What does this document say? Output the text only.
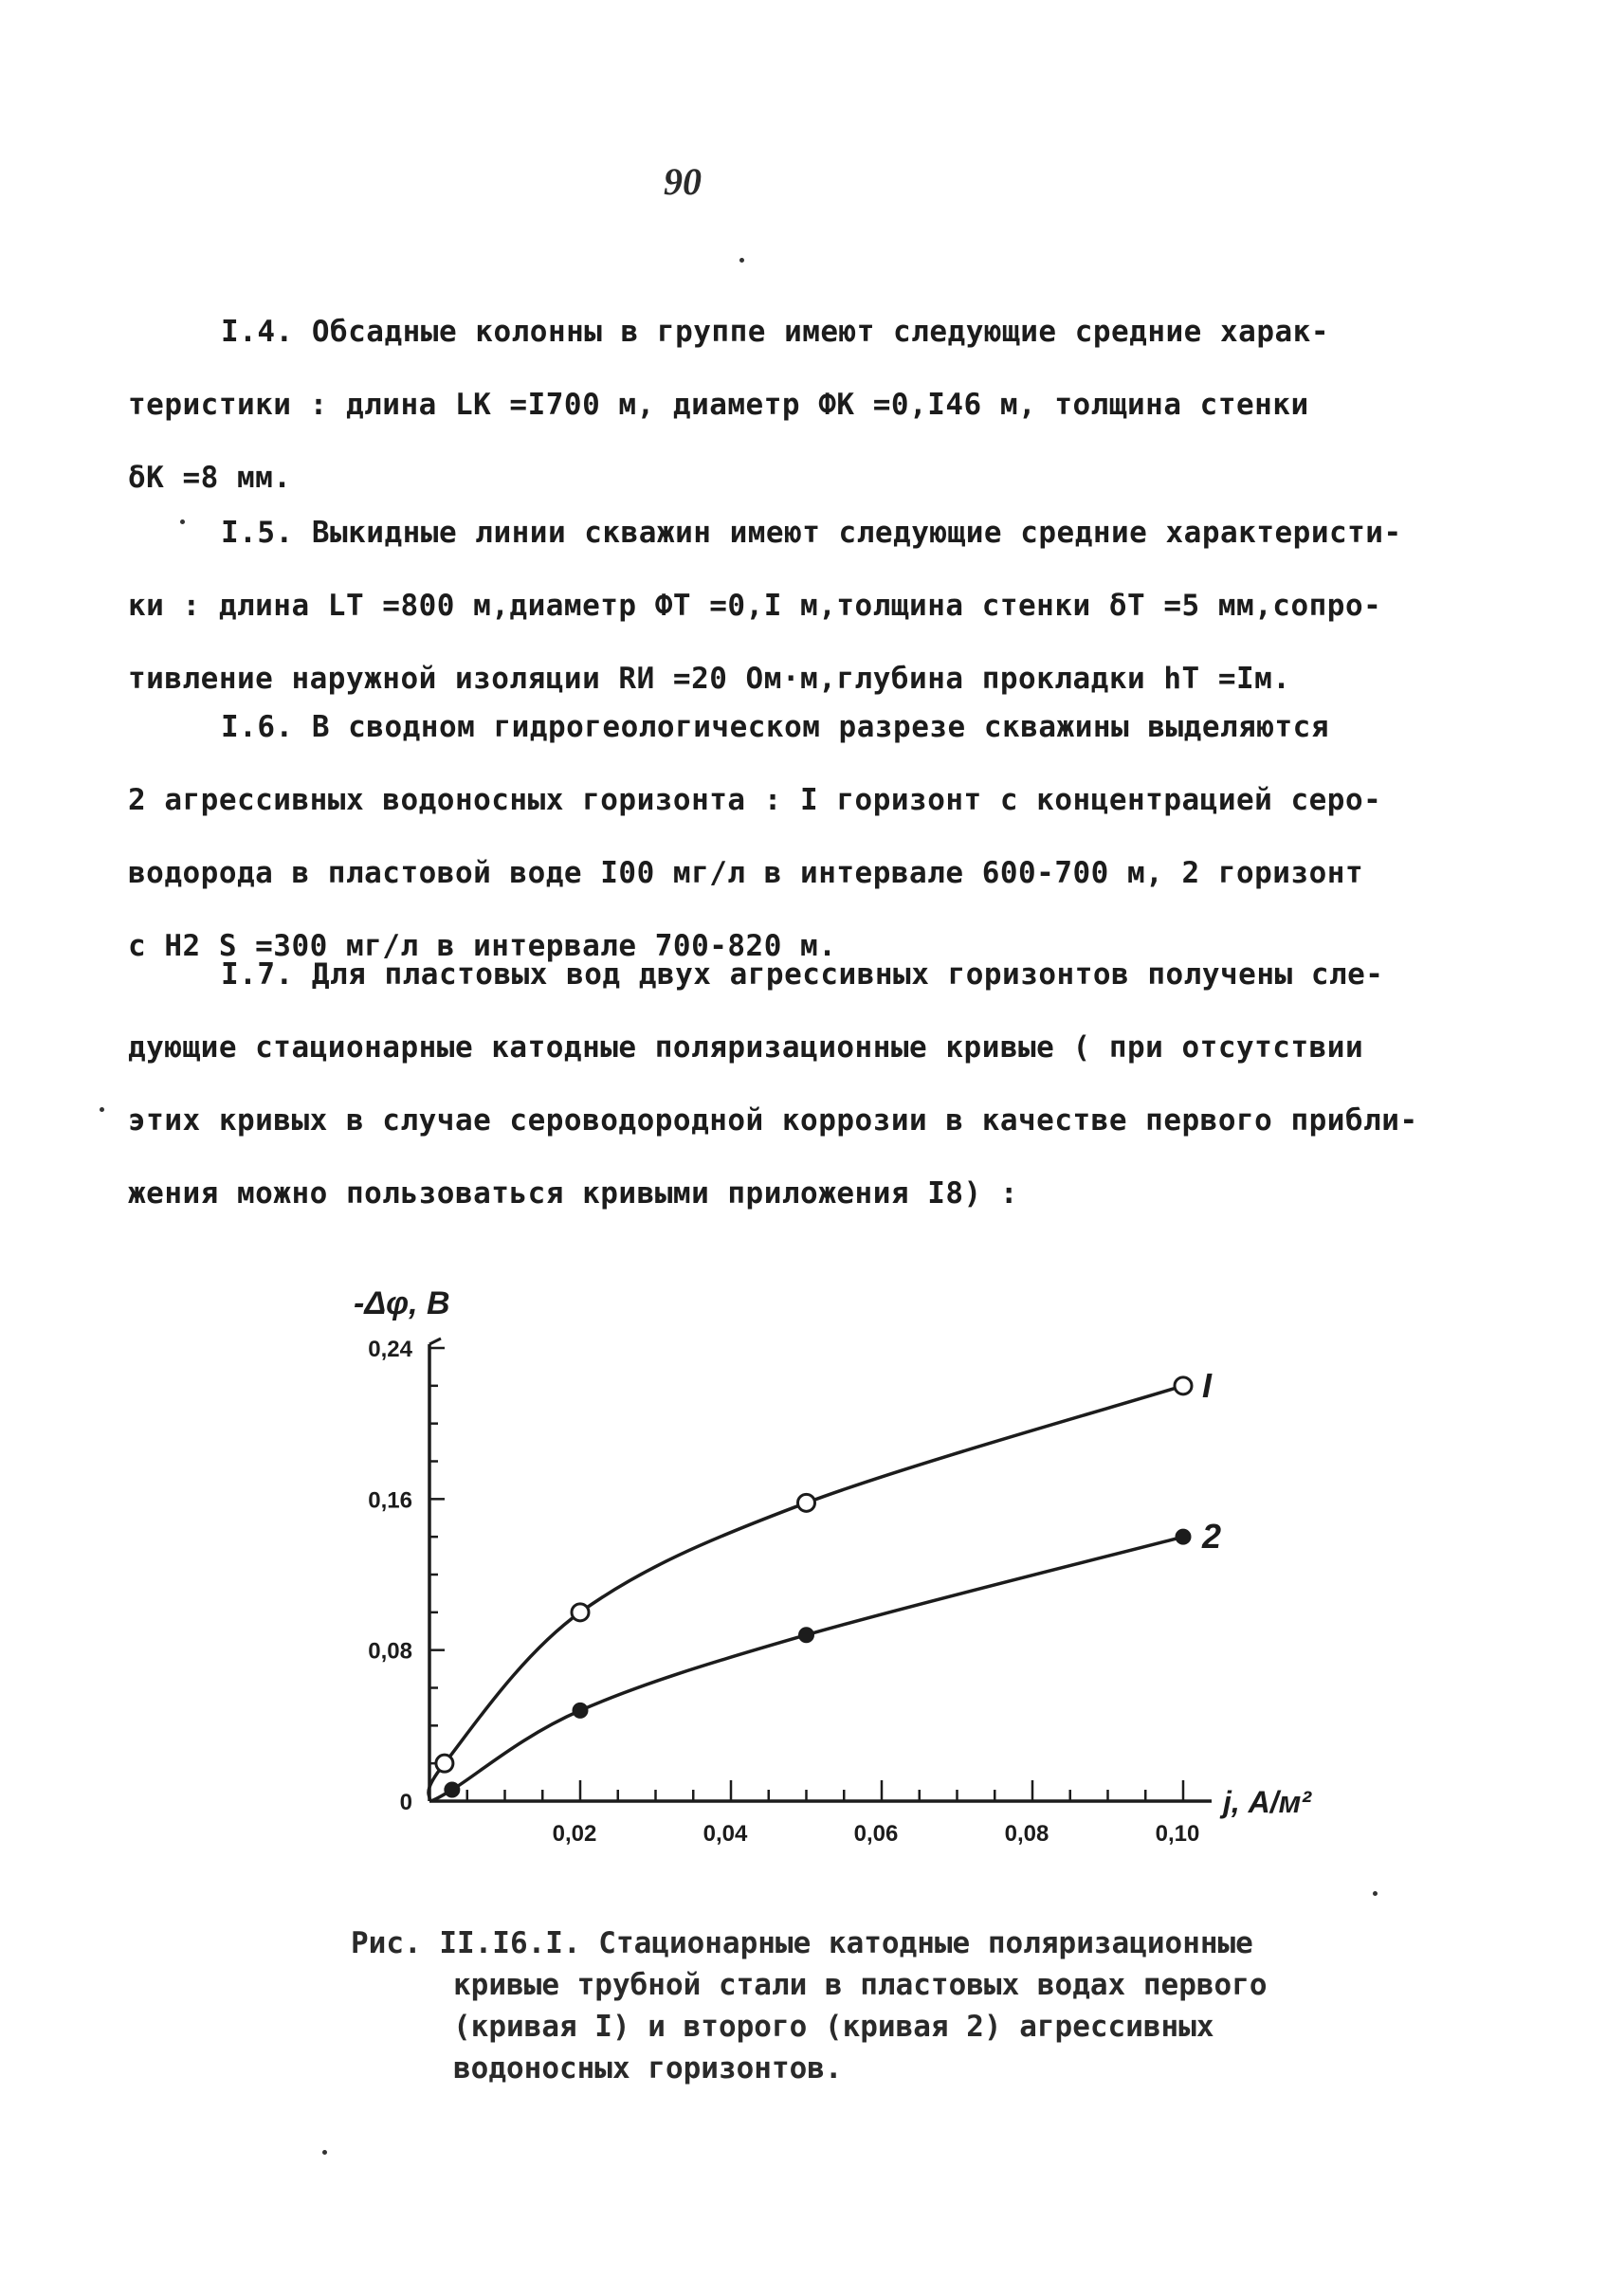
90
I.4. Обсадные колонны в группе имеют следующие средние харак-
теристики : длина LК =I700 м, диаметр ФК =0,I46 м, толщина стенки
δК =8 мм.
I.5. Выкидные линии скважин имеют следующие средние характеристи-
ки : длина LT =800 м,диаметр ФT =0,I м,толщина стенки δT =5 мм,сопро-
тивление наружной изоляции RИ =20 Ом·м,глубина прокладки hT =Iм.
I.6. В сводном гидрогеологическом разрезе скважины выделяются
2 агрессивных водоносных горизонта : I горизонт с концентрацией серо-
водорода в пластовой воде I00 мг/л в интервале 600-700 м, 2 горизонт
с H2 S =300 мг/л в интервале 700-820 м.
I.7. Для пластовых вод двух агрессивных горизонтов получены сле-
дующие стационарные катодные поляризационные кривые ( при отсутствии
этих кривых в случае сероводородной коррозии в качестве первого прибли-
жения можно пользоваться кривыми приложения I8) :
0
0,08
0,16
0,24
0,02	0,04	0,06	0,08	0,10
-Δφ, В
j, А/м²
I
2
Рис. II.I6.I. Стационарные катодные поляризационные
кривые трубной стали в пластовых водах первого
(кривая I) и второго (кривая 2) агрессивных
водоносных горизонтов.
